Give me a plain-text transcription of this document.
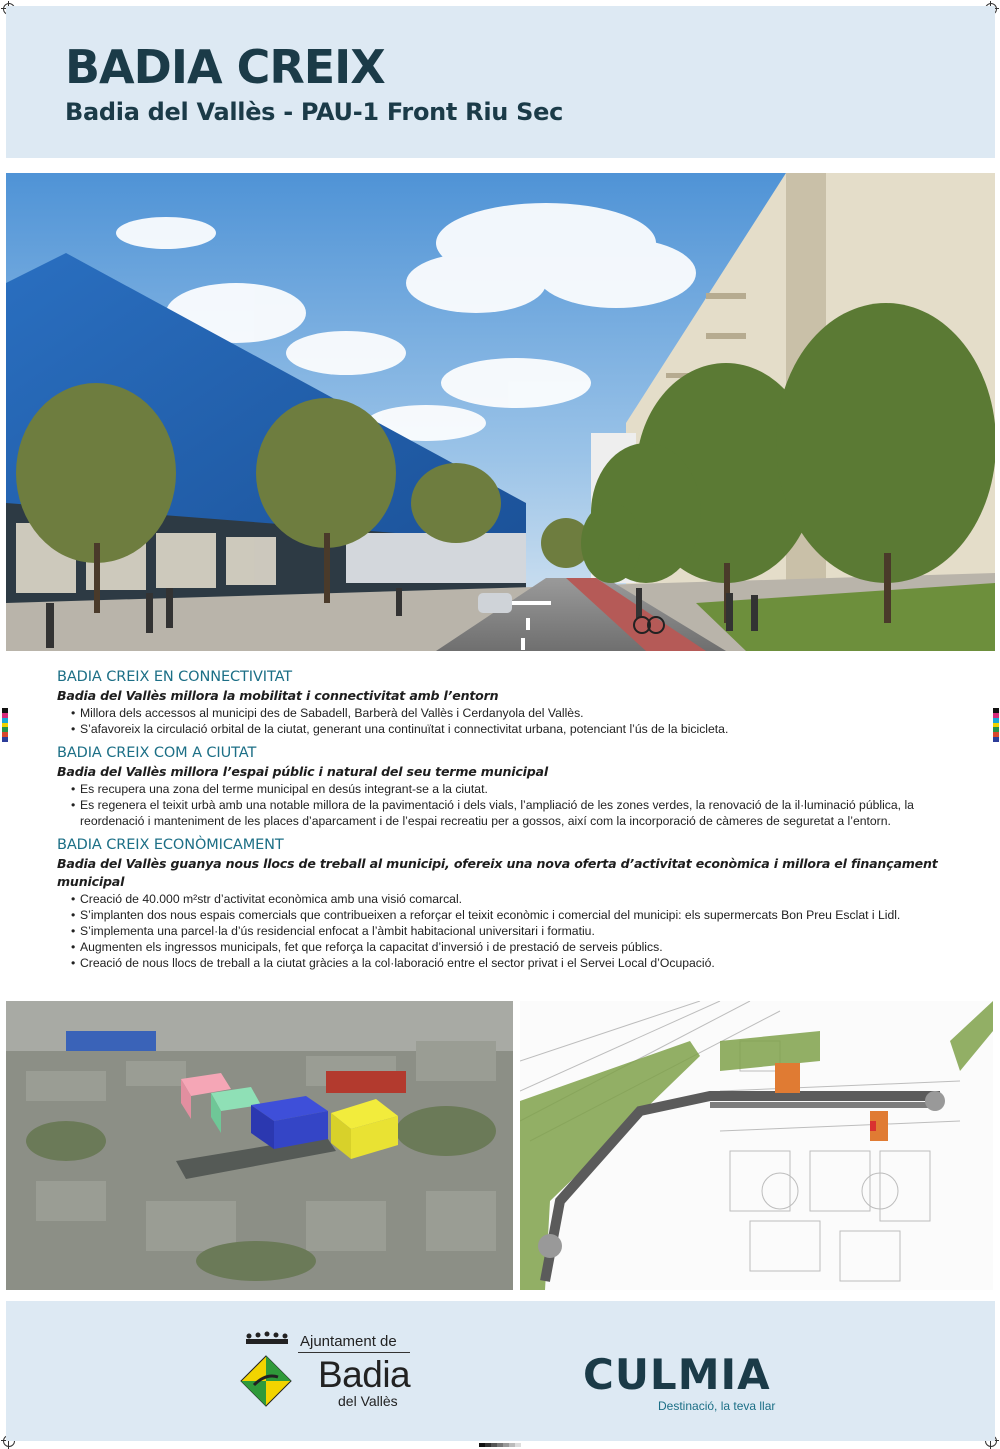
BADIA CREIX
Badia del Vallès - PAU-1 Front Riu Sec
BADIA CREIX EN CONNECTIVITAT
Badia del Vallès millora la mobilitat i connectivitat amb l’entorn
• Millora dels accessos al municipi des de Sabadell, Barberà del Vallès i Cerdanyola del Vallès.
• S’afavoreix la circulació orbital de la ciutat, generant una continuïtat i connectivitat urbana, potenciant l’ús de la bicicleta.
BADIA CREIX COM A CIUTAT
Badia del Vallès millora l’espai públic i natural del seu terme municipal
• Es recupera una zona del terme municipal en desús integrant-se a la ciutat.
• Es regenera el teixit urbà amb una notable millora de la pavimentació i dels vials, l’ampliació de les zones verdes, la renovació de la il·luminació pública, la reordenació i manteniment de les places d’aparcament i de l’espai recreatiu per a gossos, així com la incorporació de càmeres de seguretat a l’entorn.
BADIA CREIX ECONÒMICAMENT
Badia del Vallès guanya nous llocs de treball al municipi, ofereix una nova oferta d’activitat econòmica i millora el finançament municipal
• Creació de 40.000 m²str d’activitat econòmica amb una visió comarcal.
• S’implanten dos nous espais comercials que contribueixen a reforçar el teixit econòmic i comercial del municipi: els supermercats Bon Preu Esclat i Lidl.
• S’implementa una parcel·la d’ús residencial enfocat a l’àmbit habitacional universitari i formatiu.
• Augmenten els ingressos municipals, fet que reforça la capacitat d’inversió i de prestació de serveis públics.
• Creació de nous llocs de treball a la ciutat gràcies a la col·laboració entre el sector privat i el Servei Local d’Ocupació.
Ajuntament de
Badia
del Vallès
CULMIA
Destinació, la teva llar
